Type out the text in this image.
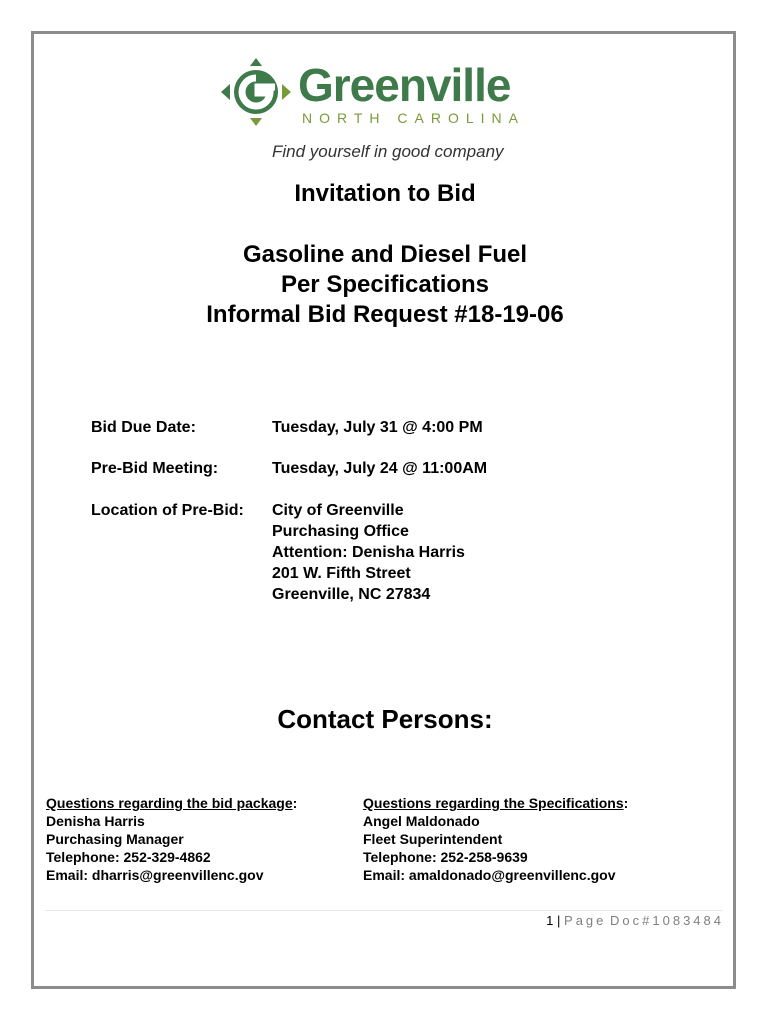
Greenville
NORTH CAROLINA
Find yourself in good company
Invitation to Bid
Gasoline and Diesel Fuel
Per Specifications
Informal Bid Request #18-19-06
Bid Due Date:	Tuesday, July 31 @ 4:00 PM
Pre-Bid Meeting:	Tuesday, July 24 @ 11:00AM
Location of Pre-Bid: City of Greenville
Purchasing Office
Attention: Denisha Harris
201 W. Fifth Street
Greenville, NC 27834
Contact Persons:
Questions regarding the bid package:
Denisha Harris
Purchasing Manager
Telephone: 252-329-4862
Email: dharris@greenvillenc.gov
Questions regarding the Specifications:
Angel Maldonado
Fleet Superintendent
Telephone: 252-258-9639
Email: amaldonado@greenvillenc.gov
1 | Page Doc#1083484
